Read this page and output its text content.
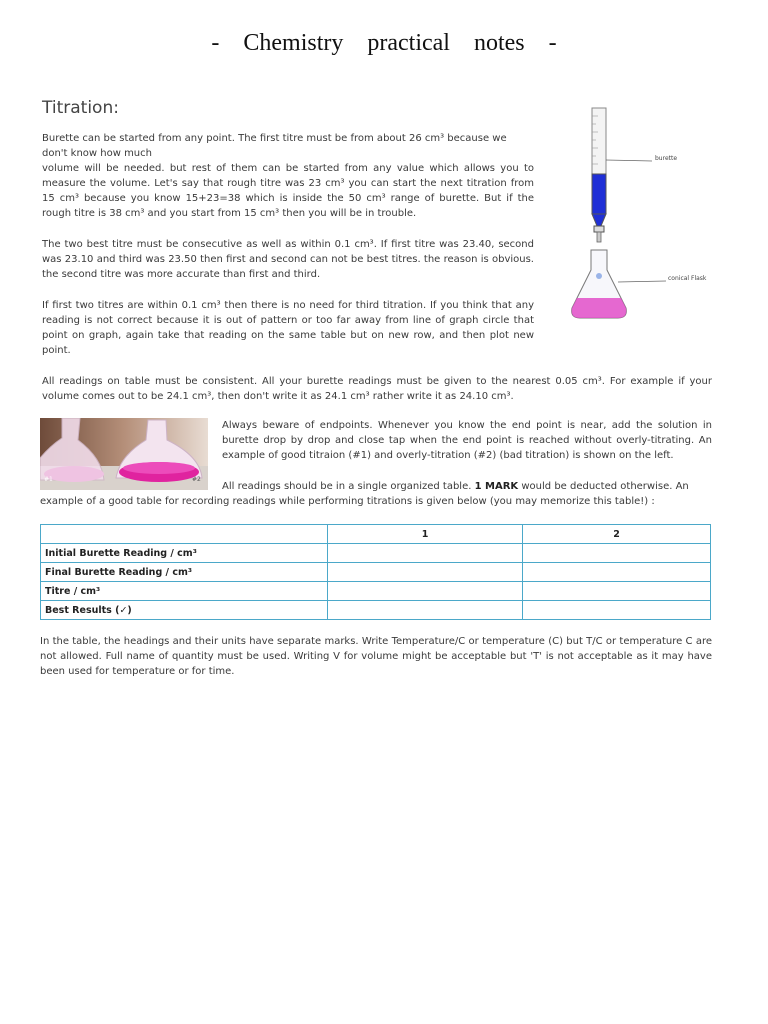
- Chemistry practical notes -
Titration:
Burette can be started from any point. The first titre must be from about 26 cm³ because we
don't know how much
volume will be needed. but rest of them can be started from any value which allows you to measure the volume. Let's say that rough titre was 23 cm³ you can start the next titration from 15 cm³ because you know 15+23=38 which is inside the 50 cm³ range of burette. But if the rough titre is 38 cm³ and you start from 15 cm³ then you will be in trouble.

The two best titre must be consecutive as well as within 0.1 cm³. If first titre was 23.40, second was 23.10 and third was 23.50 then first and second can not be best titres. the reason is obvious. the second titre was more accurate than first and third.

If first two titres are within 0.1 cm³ then there is no need for third titration. If you think that any reading is not correct because it is out of pattern or too far away from line of graph circle that point on graph, again take that reading on the same table but on new row, and then plot new point.

burette
conical Flask

All readings on table must be consistent. All your burette readings must be given to the nearest 0.05 cm³. For example if your volume comes out to be 24.1 cm³, then don't write it as 24.1 cm³ rather write it as 24.10 cm³.

#1	#2

Always beware of endpoints. Whenever you know the end point is near, add the solution in burette drop by drop and close tap when the end point is reached without overly-titrating. An example of good titraion (#1) and overly-titration (#2) (bad titration) is shown on the left.

All readings should be in a single organized table. 1 MARK would be deducted otherwise. An
example of a good table for recording readings while performing titrations is given below (you may memorize this table!) :
	1	2
Initial Burette Reading / cm³		
Final Burette Reading / cm³		
Titre / cm³		
Best Results (✓)		

In the table, the headings and their units have separate marks. Write Temperature/C or temperature (C) but T/C or temperature C are not allowed. Full name of quantity must be used. Writing V for volume might be acceptable but 'T' is not acceptable as it may have been used for temperature or for time.
